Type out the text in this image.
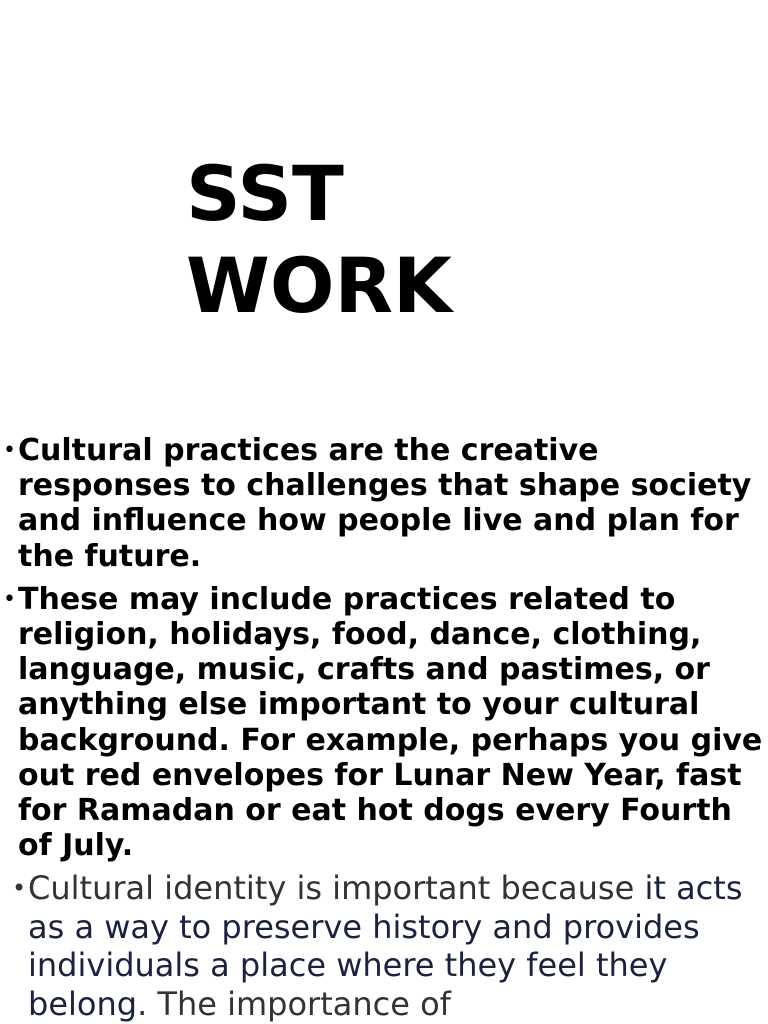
SST
WORK
• Cultural practices are the creative responses to challenges that shape society and influence how people live and plan for the future.
• These may include practices related to religion, holidays, food, dance, clothing, language, music, crafts and pastimes, or anything else important to your cultural background. For example, perhaps you give out red envelopes for Lunar New Year, fast for Ramadan or eat hot dogs every Fourth of July.
• Cultural identity is important because it acts as a way to preserve history and provides individuals a place where they feel they belong. The importance of
